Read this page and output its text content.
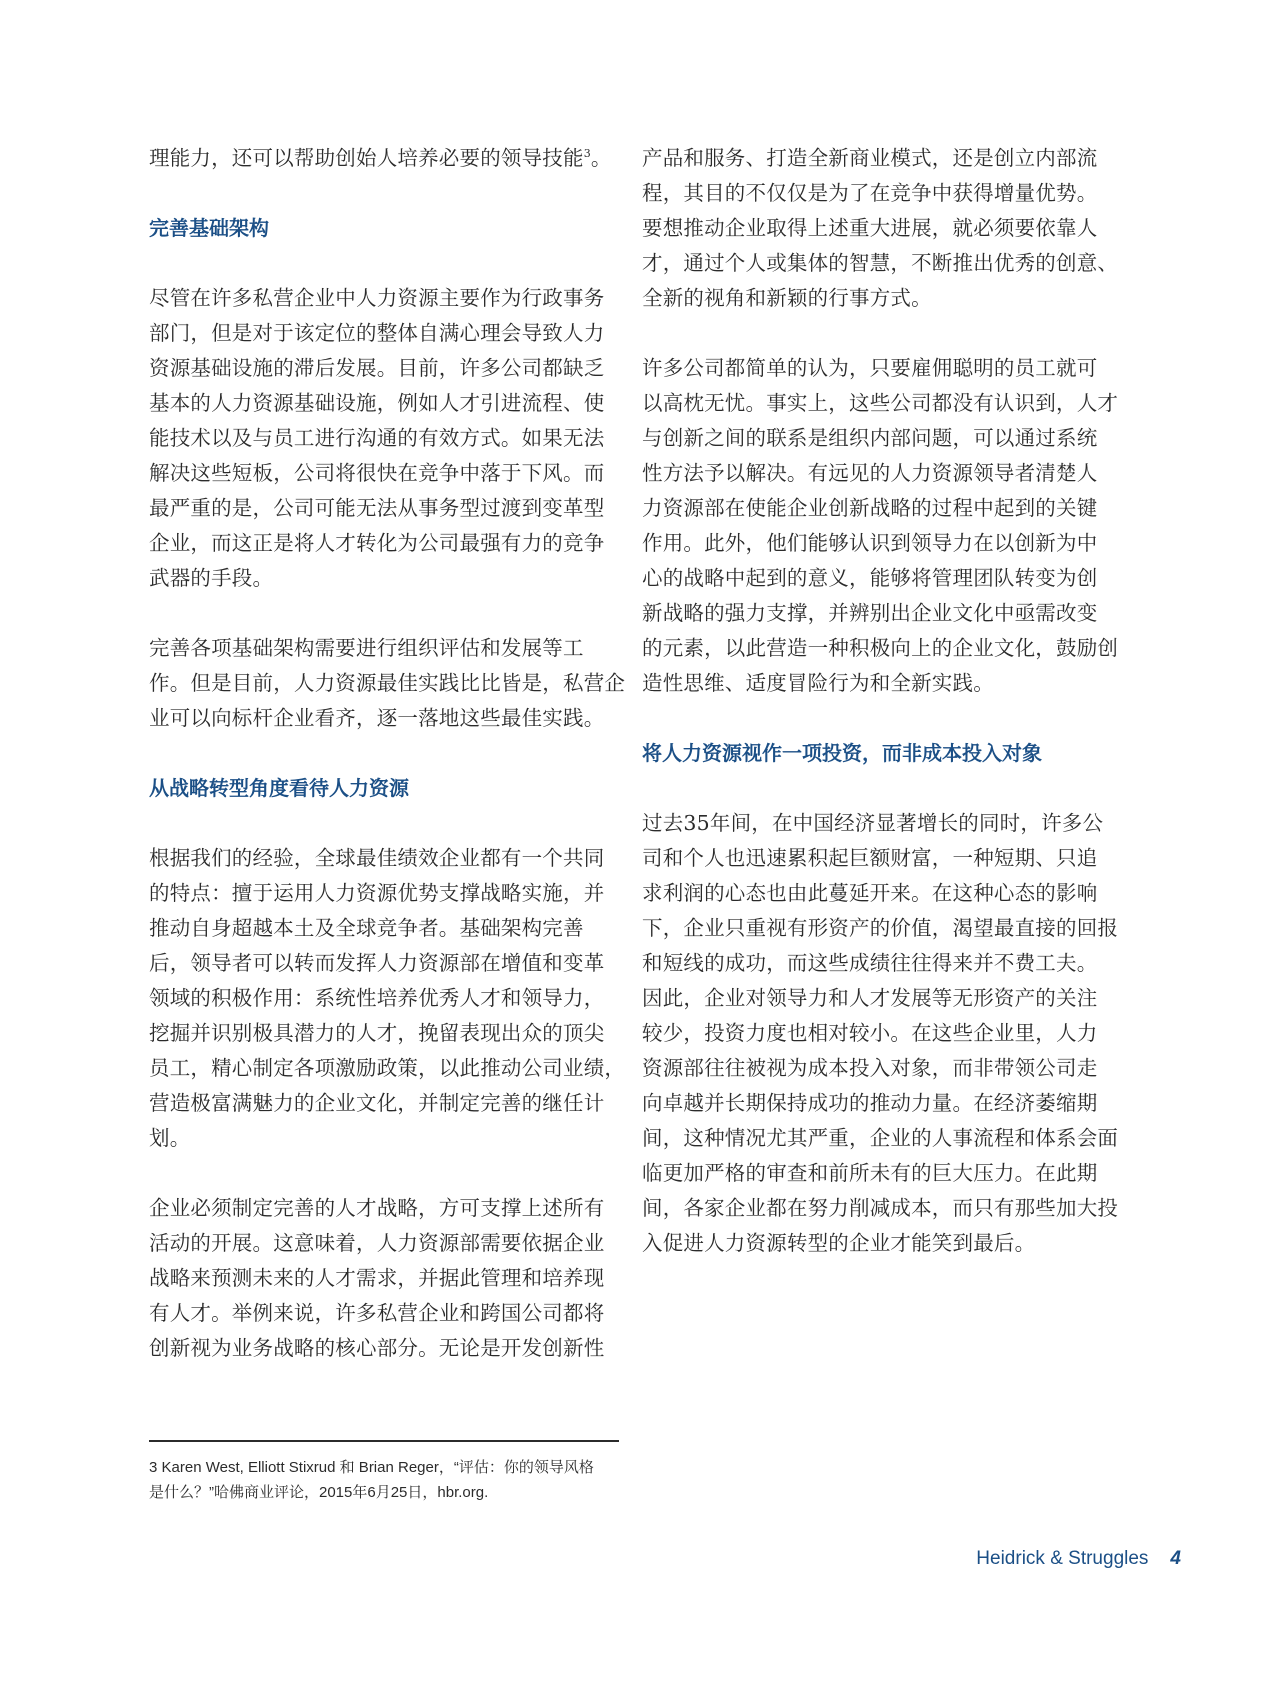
理能力，还可以帮助创始人培养必要的领导技能$^3$。
完善基础架构
尽管在许多私营企业中人力资源主要作为行政事务
部门，但是对于该定位的整体自满心理会导致人力
资源基础设施的滞后发展。目前，许多公司都缺乏
基本的人力资源基础设施，例如人才引进流程、使
能技术以及与员工进行沟通的有效方式。如果无法
解决这些短板，公司将很快在竞争中落于下风。而
最严重的是，公司可能无法从事务型过渡到变革型
企业，而这正是将人才转化为公司最强有力的竞争
武器的手段。
完善各项基础架构需要进行组织评估和发展等工
作。但是目前，人力资源最佳实践比比皆是，私营企
业可以向标杆企业看齐，逐一落地这些最佳实践。
从战略转型角度看待人力资源
根据我们的经验，全球最佳绩效企业都有一个共同
的特点：擅于运用人力资源优势支撑战略实施，并
推动自身超越本土及全球竞争者。基础架构完善
后，领导者可以转而发挥人力资源部在增值和变革
领域的积极作用：系统性培养优秀人才和领导力，
挖掘并识别极具潜力的人才，挽留表现出众的顶尖
员工，精心制定各项激励政策，以此推动公司业绩，
营造极富满魅力的企业文化，并制定完善的继任计
划。
企业必须制定完善的人才战略，方可支撑上述所有
活动的开展。这意味着，人力资源部需要依据企业
战略来预测未来的人才需求，并据此管理和培养现
有人才。举例来说，许多私营企业和跨国公司都将
创新视为业务战略的核心部分。无论是开发创新性
产品和服务、打造全新商业模式，还是创立内部流
程，其目的不仅仅是为了在竞争中获得增量优势。
要想推动企业取得上述重大进展，就必须要依靠人
才，通过个人或集体的智慧，不断推出优秀的创意、
全新的视角和新颖的行事方式。
许多公司都简单的认为，只要雇佣聪明的员工就可
以高枕无忧。事实上，这些公司都没有认识到，人才
与创新之间的联系是组织内部问题，可以通过系统
性方法予以解决。有远见的人力资源领导者清楚人
力资源部在使能企业创新战略的过程中起到的关键
作用。此外，他们能够认识到领导力在以创新为中
心的战略中起到的意义，能够将管理团队转变为创
新战略的强力支撑，并辨别出企业文化中亟需改变
的元素，以此营造一种积极向上的企业文化，鼓励创
造性思维、适度冒险行为和全新实践。
将人力资源视作一项投资，而非成本投入对象
过去35年间，在中国经济显著增长的同时，许多公
司和个人也迅速累积起巨额财富，一种短期、只追
求利润的心态也由此蔓延开来。在这种心态的影响
下，企业只重视有形资产的价值，渴望最直接的回报
和短线的成功，而这些成绩往往得来并不费工夫。
因此，企业对领导力和人才发展等无形资产的关注
较少，投资力度也相对较小。在这些企业里，人力
资源部往往被视为成本投入对象，而非带领公司走
向卓越并长期保持成功的推动力量。在经济萎缩期
间，这种情况尤其严重，企业的人事流程和体系会面
临更加严格的审查和前所未有的巨大压力。在此期
间，各家企业都在努力削减成本，而只有那些加大投
入促进人力资源转型的企业才能笑到最后。
3 Karen West, Elliott Stixrud 和 Brian Reger，“评估：你的领导风格
是什么？”哈佛商业评论，2015年6月25日，hbr.org.
Heidrick & Struggles 4
